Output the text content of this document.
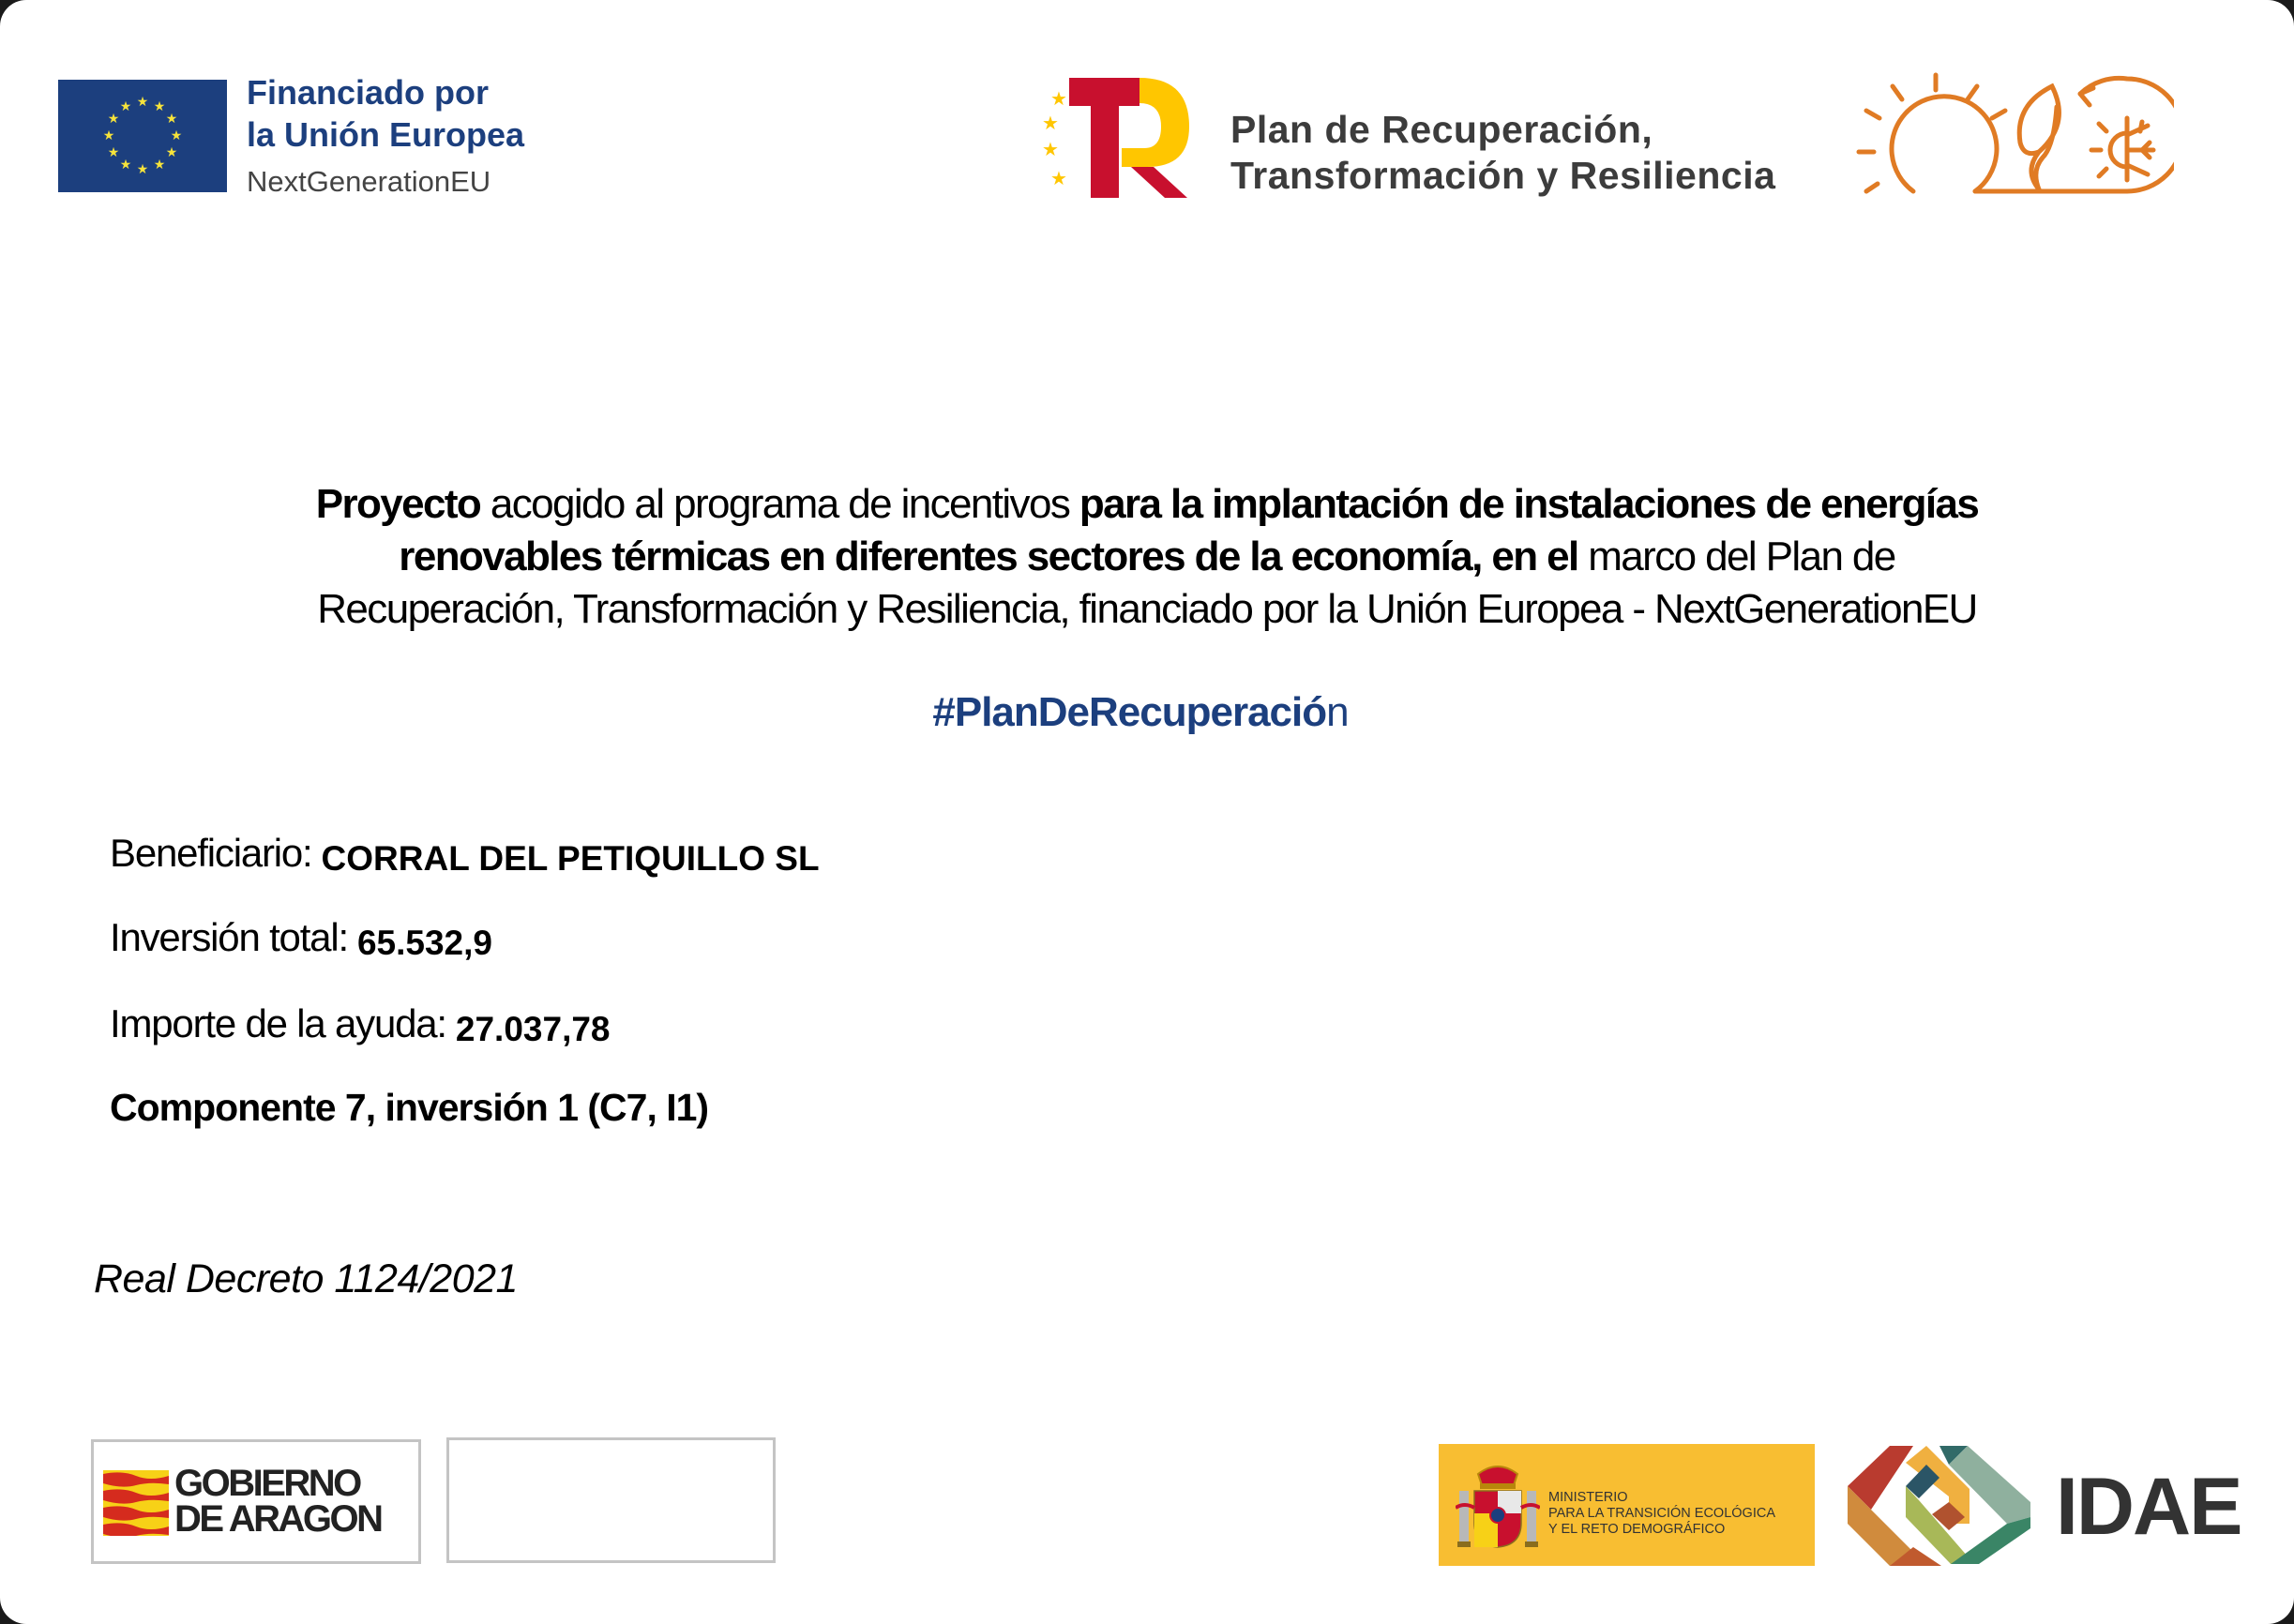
★ ★
★
★
★
★
★
★
★
★
★
★	Financiado por
la Unión Europea
NextGenerationEU
★
★
★
★
Plan de Recuperación,
Transformación y Resiliencia
Proyecto acogido al programa de incentivos para la implantación de instalaciones de energías
renovables térmicas en diferentes sectores de la economía, en el marco del Plan de
Recuperación, Transformación y Resiliencia, financiado por la Unión Europea - NextGenerationEU
#PlanDeRecuperación
Beneficiario: CORRAL DEL PETIQUILLO SL
Inversión total: 65.532,9
Importe de la ayuda: 27.037,78
Componente 7, inversión 1 (C7, I1)
Real Decreto 1124/2021
GOBIERNO
DE ARAGON
MINISTERIO
PARA LA TRANSICIÓN ECOLÓGICA
Y EL RETO DEMOGRÁFICO	IDAE
